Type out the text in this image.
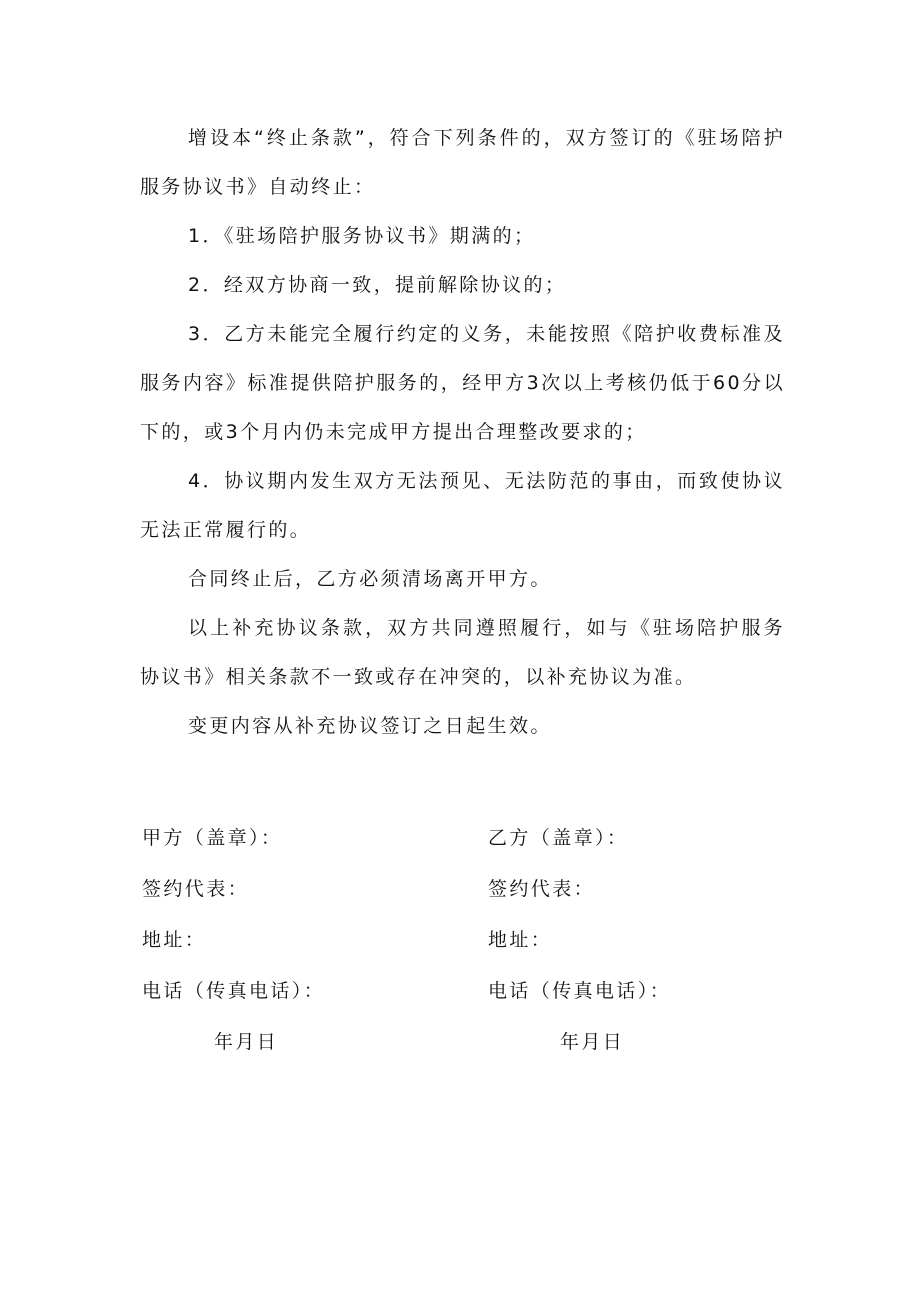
增设本“终止条款”，符合下列条件的，双方签订的《驻场陪护服务协议书》自动终止：

1．《驻场陪护服务协议书》期满的；

2．经双方协商一致，提前解除协议的；

3．乙方未能完全履行约定的义务，未能按照《陪护收费标准及服务内容》标准提供陪护服务的，经甲方3次以上考核仍低于60分以下的，或3个月内仍未完成甲方提出合理整改要求的；

4．协议期内发生双方无法预见、无法防范的事由，而致使协议无法正常履行的。

合同终止后，乙方必须清场离开甲方。

以上补充协议条款，双方共同遵照履行，如与《驻场陪护服务协议书》相关条款不一致或存在冲突的，以补充协议为准。

变更内容从补充协议签订之日起生效。

甲方（盖章）：
签约代表：
地址：
电话（传真电话）：
年月日
乙方（盖章）：
签约代表：
地址：
电话（传真电话）：
年月日
